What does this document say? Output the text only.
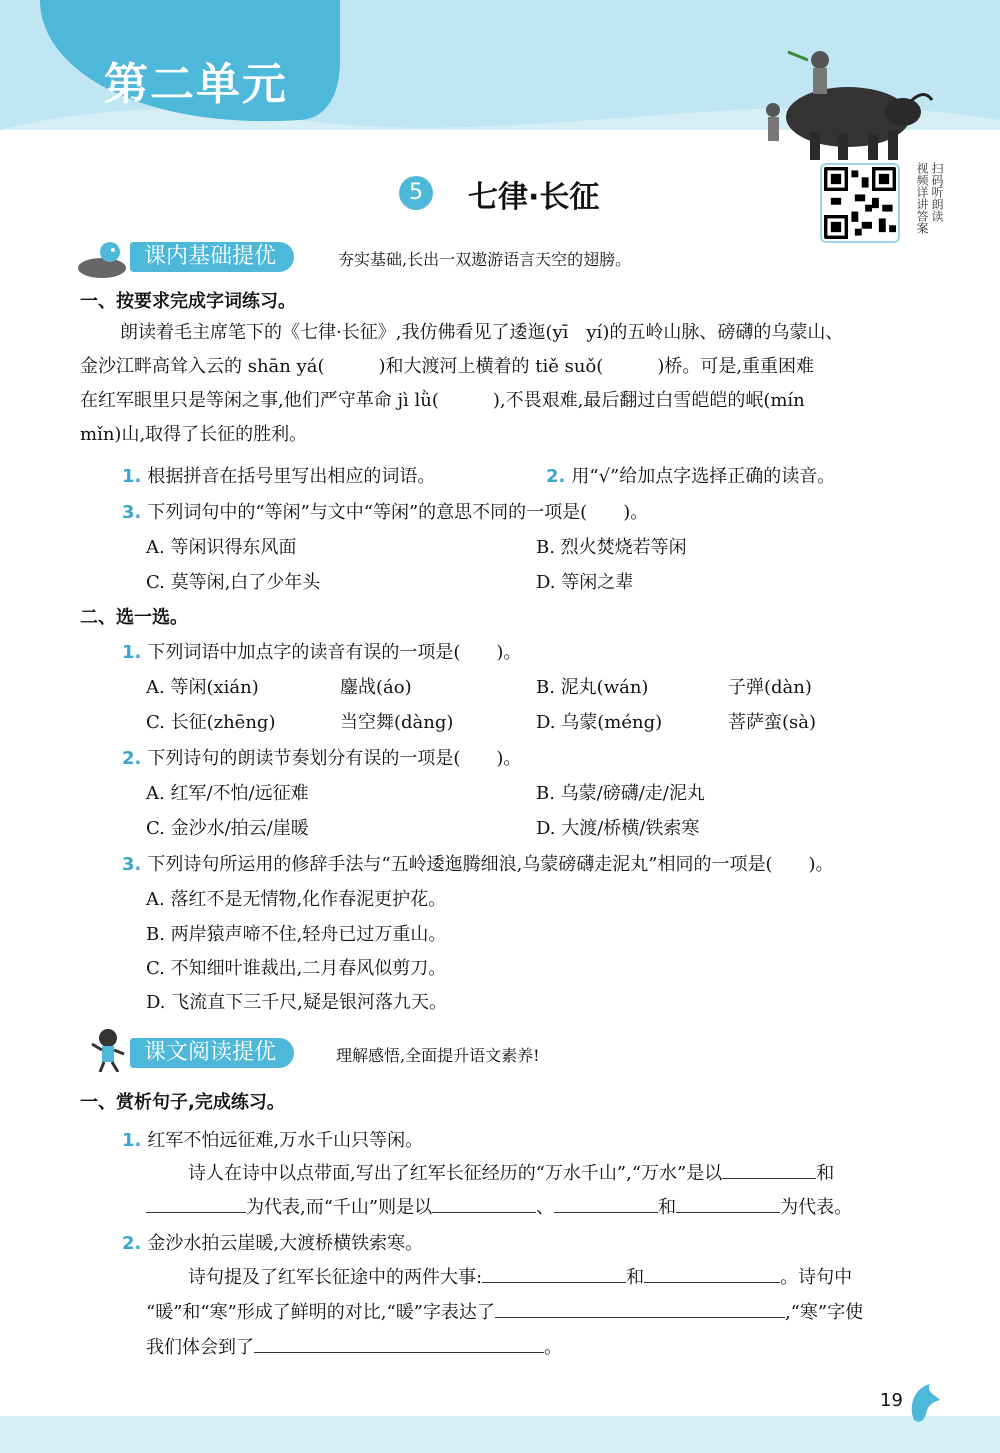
第二单元
扫码听朗读
视频详讲答案
5	七律·长征
课内基础提优	夯实基础,长出一双遨游语言天空的翅膀。
一、按要求完成字词练习。
朗读着毛主席笔下的《七律·长征》,我仿佛看见了逶迤(yī　yí)的五岭山脉、磅礴的乌蒙山、
金沙江畔高耸入云的 shān yá(　　　)和大渡河上横着的 tiě suǒ(　　　)桥。可是,重重困难
在红军眼里只是等闲之事,他们严守革命 jì lǜ(　　　),不畏艰难,最后翻过白雪皑皑的岷(mín
mǐn)山,取得了长征的胜利。
1. 根据拼音在括号里写出相应的词语。	2. 用“√”给加点字选择正确的读音。
3. 下列词句中的“等闲”与文中“等闲”的意思不同的一项是(　　)。
A. 等闲识得东风面	B. 烈火焚烧若等闲
C. 莫等闲,白了少年头	D. 等闲之辈
二、选一选。
1. 下列词语中加点字的读音有误的一项是(　　)。
A. 等闲(xián)	鏖战(áo)	B. 泥丸(wán)	子弹(dàn)
C. 长征(zhēng)	当空舞(dàng)	D. 乌蒙(méng)	菩萨蛮(sà)
2. 下列诗句的朗读节奏划分有误的一项是(　　)。
A. 红军/不怕/远征难	B. 乌蒙/磅礴/走/泥丸
C. 金沙水/拍云/崖暖	D. 大渡/桥横/铁索寒
3. 下列诗句所运用的修辞手法与“五岭逶迤腾细浪,乌蒙磅礴走泥丸”相同的一项是(　　)。
A. 落红不是无情物,化作春泥更护花。
B. 两岸猿声啼不住,轻舟已过万重山。
C. 不知细叶谁裁出,二月春风似剪刀。
D. 飞流直下三千尺,疑是银河落九天。
课文阅读提优	理解感悟,全面提升语文素养!
一、赏析句子,完成练习。
1. 红军不怕远征难,万水千山只等闲。
诗人在诗中以点带面,写出了红军长征经历的“万水千山”,“万水”是以	和
为代表,而“千山”则是以	、	和	为代表。
2. 金沙水拍云崖暖,大渡桥横铁索寒。
诗句提及了红军长征途中的两件大事:	和	。诗句中
“暖”和“寒”形成了鲜明的对比,“暖”字表达了	,“寒”字使
我们体会到了	。
19
